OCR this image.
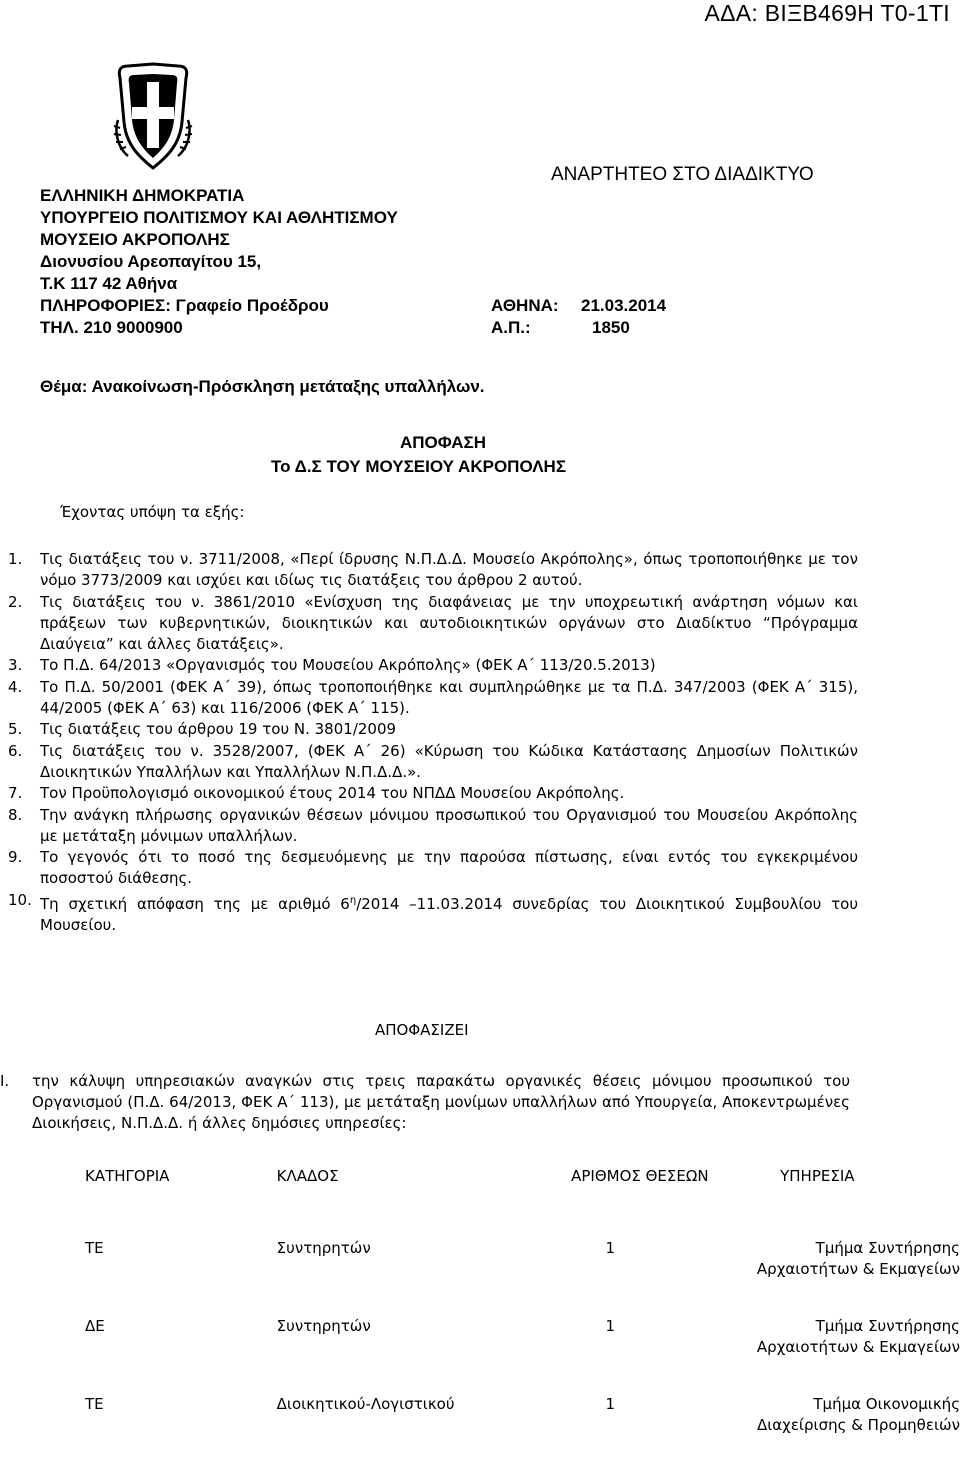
ΑΔΑ: ΒΙΞΒ469Η Τ0-1ΤΙ
ΑΝΑΡΤΗΤΕΟ ΣΤΟ ΔΙΑΔΙΚΤΥΟ
ΕΛΛΗΝΙΚΗ ΔΗΜΟΚΡΑΤΙΑ
ΥΠΟΥΡΓΕΙΟ ΠΟΛΙΤΙΣΜΟΥ ΚΑΙ ΑΘΛΗΤΙΣΜΟΥ
ΜΟΥΣΕΙΟ ΑΚΡΟΠΟΛΗΣ
Διονυσίου Αρεοπαγίτου 15,
Τ.Κ 117 42 Αθήνα
ΠΛΗΡΟΦΟΡΙΕΣ: Γραφείο Προέδρου
ΤΗΛ. 210 9000900
ΑΘΗΝΑ: 21.03.2014
Α.Π.:	1850
Θέμα: Ανακοίνωση-Πρόσκληση μετάταξης υπαλλήλων.
ΑΠΟΦΑΣΗ
Το Δ.Σ ΤΟΥ ΜΟΥΣΕΙΟΥ ΑΚΡΟΠΟΛΗΣ
Έχοντας υπόψη τα εξής:
1.	Τις διατάξεις του ν. 3711/2008, «Περί ίδρυσης Ν.Π.Δ.Δ. Μουσείο Ακρόπολης», όπως τροποποιήθηκε με τον νόμο 3773/2009 και ισχύει και ιδίως τις διατάξεις του άρθρου 2 αυτού.
2.	Τις διατάξεις του ν. 3861/2010 «Ενίσχυση της διαφάνειας με την υποχρεωτική ανάρτηση νόμων και πράξεων των κυβερνητικών, διοικητικών και αυτοδιοικητικών οργάνων στο Διαδίκτυο “Πρόγραμμα Διαύγεια” και άλλες διατάξεις».
3.	Το Π.Δ. 64/2013 «Οργανισμός του Μουσείου Ακρόπολης» (ΦΕΚ Α΄ 113/20.5.2013)
4.	Το Π.Δ. 50/2001 (ΦΕΚ Α΄ 39), όπως τροποποιήθηκε και συμπληρώθηκε με τα Π.Δ. 347/2003 (ΦΕΚ Α΄ 315), 44/2005 (ΦΕΚ Α΄ 63) και 116/2006 (ΦΕΚ Α΄ 115).
5.	Τις διατάξεις του άρθρου 19 του Ν. 3801/2009
6.	Τις διατάξεις του ν. 3528/2007, (ΦΕΚ Α΄ 26) «Κύρωση του Κώδικα Κατάστασης Δημοσίων Πολιτικών Διοικητικών Υπαλλήλων και Υπαλλήλων Ν.Π.Δ.Δ.».
7.	Τον Προϋπολογισμό οικονομικού έτους 2014 του ΝΠΔΔ Μουσείου Ακρόπολης.
8.	Την ανάγκη πλήρωσης οργανικών θέσεων μόνιμου προσωπικού του Οργανισμού του Μουσείου Ακρόπολης με μετάταξη μόνιμων υπαλλήλων.
9.	Το γεγονός ότι το ποσό της δεσμευόμενης με την παρούσα πίστωσης, είναι εντός του εγκεκριμένου ποσοστού διάθεσης.
10. Τη σχετική απόφαση της με αριθμό $6^\eta/2014$ –11.03.2014 συνεδρίας του Διοικητικού Συμβουλίου του Μουσείου.
ΑΠΟΦΑΣΙΖΕΙ
Ι.	την κάλυψη υπηρεσιακών αναγκών στις τρεις παρακάτω οργανικές θέσεις μόνιμου προσωπικού του Οργανισμού (Π.Δ. 64/2013, ΦΕΚ Α΄ 113), με μετάταξη μονίμων υπαλλήλων από Υπουργεία, Αποκεντρωμένες Διοικήσεις, Ν.Π.Δ.Δ. ή άλλες δημόσιες υπηρεσίες:
ΚΑΤΗΓΟΡΙΑ	ΚΛΑΔΟΣ	ΑΡΙΘΜΟΣ ΘΕΣΕΩΝ	ΥΠΗΡΕΣΙΑ
ΤΕ	Συντηρητών	1	Τμήμα Συντήρησης Αρχαιοτήτων & Εκμαγείων
ΔΕ	Συντηρητών	1	Τμήμα Συντήρησης Αρχαιοτήτων & Εκμαγείων
ΤΕ	Διοικητικού-Λογιστικού	1	Τμήμα Οικονομικής Διαχείρισης & Προμηθειών
